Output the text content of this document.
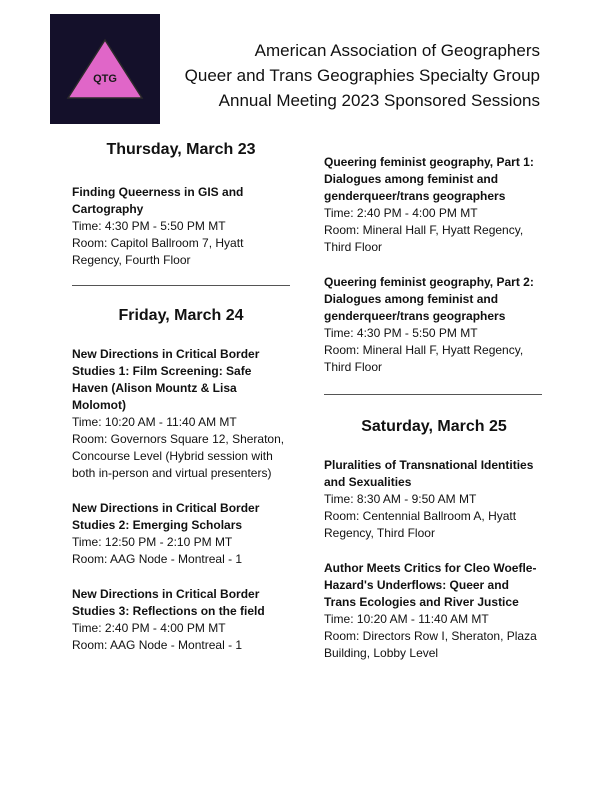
QTG
American Association of Geographers
Queer and Trans Geographies Specialty Group
Annual Meeting 2023 Sponsored Sessions
Thursday, March 23
Finding Queerness in GIS and Cartography
Time: 4:30 PM - 5:50 PM MT
Room: Capitol Ballroom 7, Hyatt Regency, Fourth Floor
Friday, March 24
New Directions in Critical Border Studies 1: Film Screening: Safe Haven (Alison Mountz & Lisa Molomot)
Time: 10:20 AM - 11:40 AM MT
Room: Governors Square 12, Sheraton, Concourse Level (Hybrid session with both in-person and virtual presenters)
New Directions in Critical Border Studies 2: Emerging Scholars
Time: 12:50 PM - 2:10 PM MT
Room: AAG Node - Montreal - 1
New Directions in Critical Border Studies 3: Reflections on the field
Time: 2:40 PM - 4:00 PM MT
Room: AAG Node - Montreal - 1
Queering feminist geography, Part 1: Dialogues among feminist and genderqueer/trans geographers
Time: 2:40 PM - 4:00 PM MT
Room: Mineral Hall F, Hyatt Regency, Third Floor
Queering feminist geography, Part 2: Dialogues among feminist and genderqueer/trans geographers
Time: 4:30 PM - 5:50 PM MT
Room: Mineral Hall F, Hyatt Regency, Third Floor
Saturday, March 25
Pluralities of Transnational Identities and Sexualities
Time: 8:30 AM - 9:50 AM MT
Room: Centennial Ballroom A, Hyatt Regency, Third Floor
Author Meets Critics for Cleo Woefle-Hazard's Underflows: Queer and Trans Ecologies and River Justice
Time: 10:20 AM - 11:40 AM MT
Room: Directors Row I, Sheraton, Plaza Building, Lobby Level
